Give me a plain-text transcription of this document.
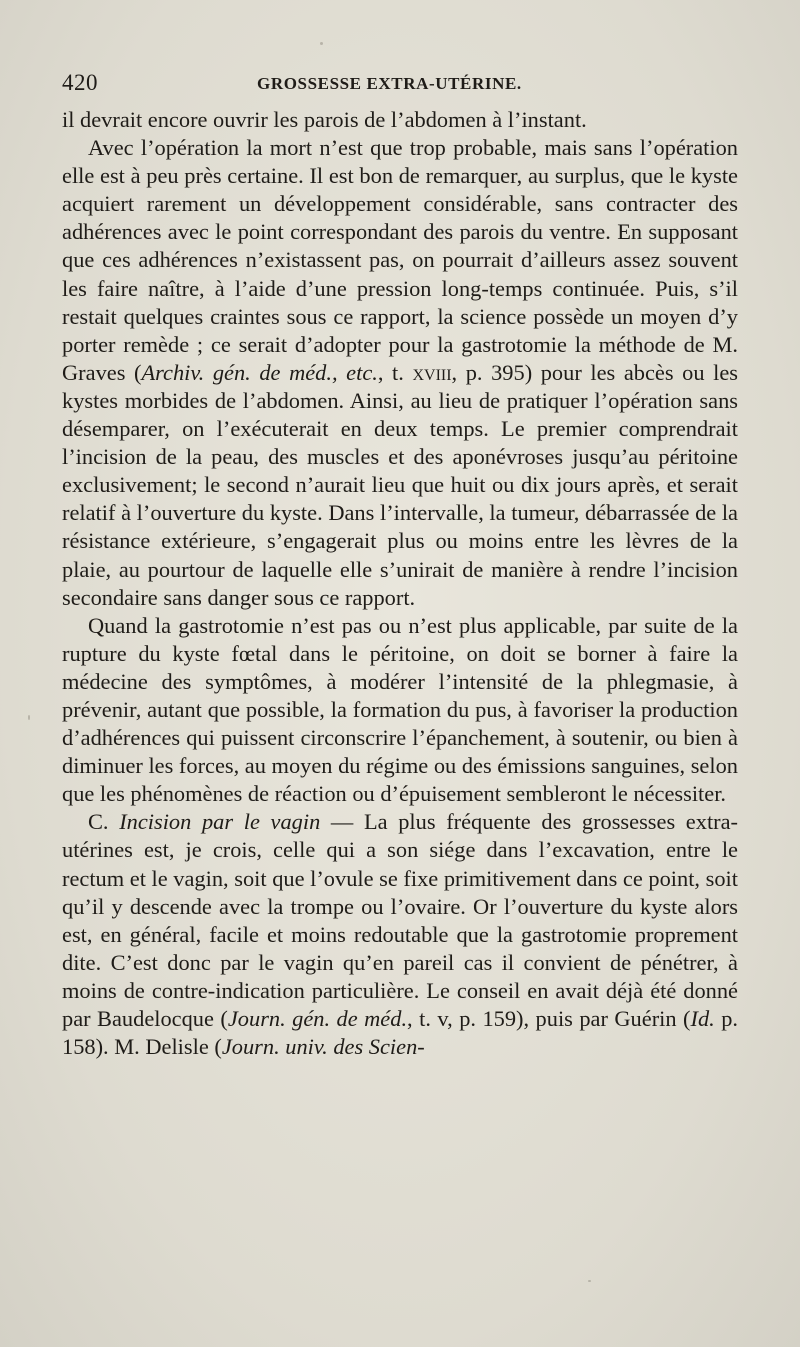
420	GROSSESSE EXTRA-UTÉRINE.

il devrait encore ouvrir les parois de l’abdomen à l’instant.

Avec l’opération la mort n’est que trop probable, mais sans l’opération elle est à peu près certaine. Il est bon de remarquer, au surplus, que le kyste acquiert rarement un développement considérable, sans contracter des adhérences avec le point correspondant des parois du ventre. En supposant que ces adhérences n’existassent pas, on pourrait d’ailleurs assez souvent les faire naître, à l’aide d’une pression long-temps continuée. Puis, s’il restait quelques craintes sous ce rapport, la science possède un moyen d’y porter remède ; ce serait d’adopter pour la gastrotomie la méthode de M. Graves (Archiv. gén. de méd., etc., t. xviii, p. 395) pour les abcès ou les kystes morbides de l’abdomen. Ainsi, au lieu de pratiquer l’opération sans désemparer, on l’exécuterait en deux temps. Le premier comprendrait l’incision de la peau, des muscles et des aponévroses jusqu’au péritoine exclusivement; le second n’aurait lieu que huit ou dix jours après, et serait relatif à l’ouverture du kyste. Dans l’intervalle, la tumeur, débarrassée de la résistance extérieure, s’engagerait plus ou moins entre les lèvres de la plaie, au pourtour de laquelle elle s’unirait de manière à rendre l’incision secondaire sans danger sous ce rapport.

Quand la gastrotomie n’est pas ou n’est plus applicable, par suite de la rupture du kyste fœtal dans le péritoine, on doit se borner à faire la médecine des symptômes, à modérer l’intensité de la phlegmasie, à prévenir, autant que possible, la formation du pus, à favoriser la production d’adhérences qui puissent circonscrire l’épanchement, à soutenir, ou bien à diminuer les forces, au moyen du régime ou des émissions sanguines, selon que les phénomènes de réaction ou d’épuisement sembleront le nécessiter.

C. Incision par le vagin — La plus fréquente des grossesses extra-utérines est, je crois, celle qui a son siége dans l’excavation, entre le rectum et le vagin, soit que l’ovule se fixe primitivement dans ce point, soit qu’il y descende avec la trompe ou l’ovaire. Or l’ouverture du kyste alors est, en général, facile et moins redoutable que la gastrotomie proprement dite. C’est donc par le vagin qu’en pareil cas il convient de pénétrer, à moins de contre-indication particulière. Le conseil en avait déjà été donné par Baudelocque (Journ. gén. de méd., t. v, p. 159), puis par Guérin (Id. p. 158). M. Delisle (Journ. univ. des Scien-
